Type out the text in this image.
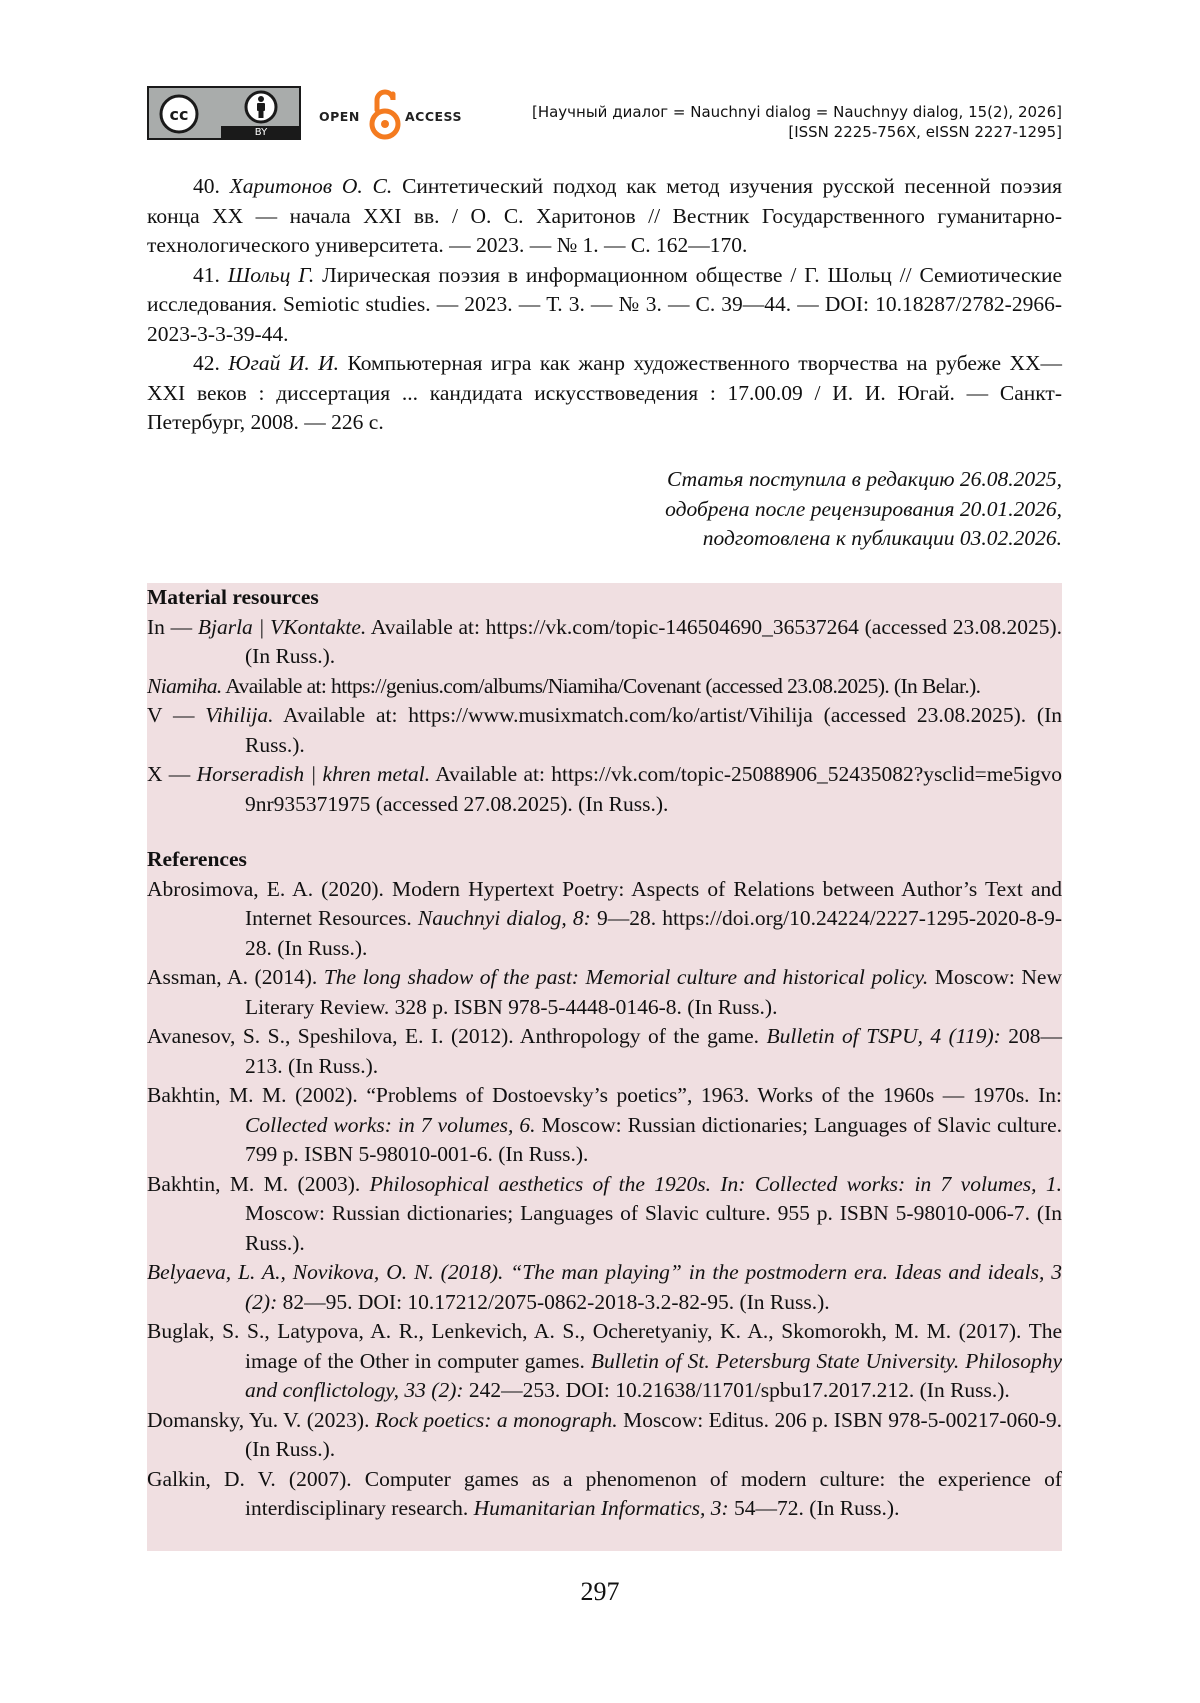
cc
BY
OPEN	ACCESS	[Научный диалог = Nauchnyi dialog = Nauchnyy dialog, 15(2), 2026]
[ISSN 2225-756X, eISSN 2227-1295]

40. Харитонов О. С. Синтетический подход как метод изучения русской песенной поэзия конца XX — начала XXI вв. / О. С. Харитонов // Вестник Государственного гуманитарно-технологического университета. — 2023. — № 1. — С. 162—170.

41. Шольц Г. Лирическая поэзия в информационном обществе / Г. Шольц // Семиотические исследования. Semiotic studies. — 2023. — Т. 3. — № 3. — С. 39—44. — DOI: 10.18287/2782-2966-2023-3-3-39-44.

42. Югай И. И. Компьютерная игра как жанр художественного творчества на рубеже XX—XXI веков : диссертация ... кандидата искусствоведения : 17.00.09 / И. И. Югай. — Санкт-Петербург, 2008. — 226 с.

Статья поступила в редакцию 26.08.2025,
одобрена после рецензирования 20.01.2026,
подготовлена к публикации 03.02.2026.

Material resources

In — Bjarla | VKontakte. Available at: https://vk.com/topic-146504690_36537264 (accessed 23.08.2025). (In Russ.).

Niamiha. Available at: https://genius.com/albums/Niamiha/Covenant (accessed 23.08.2025). (In Belar.).

V — Vihilija. Available at: https://www.musixmatch.com/ko/artist/Vihilija (accessed 23.08.2025). (In Russ.).

X — Horseradish | khren metal. Available at: https://vk.com/topic-25088906_52435082?ysclid=me5igvo9nr935371975 (accessed 27.08.2025). (In Russ.).

References

Abrosimova, E. A. (2020). Modern Hypertext Poetry: Aspects of Relations between Author’s Text and Internet Resources. Nauchnyi dialog, 8: 9—28. https://doi.org/10.24224/2227-1295-2020-8-9-28. (In Russ.).

Assman, A. (2014). The long shadow of the past: Memorial culture and historical policy. Moscow: New Literary Review. 328 p. ISBN 978-5-4448-0146-8. (In Russ.).

Avanesov, S. S., Speshilova, E. I. (2012). Anthropology of the game. Bulletin of TSPU, 4 (119): 208—213. (In Russ.).

Bakhtin, M. M. (2002). “Problems of Dostoevsky’s poetics”, 1963. Works of the 1960s — 1970s. In: Collected works: in 7 volumes, 6. Moscow: Russian dictionaries; Languages of Slavic culture. 799 p. ISBN 5-98010-001-6. (In Russ.).

Bakhtin, M. M. (2003). Philosophical aesthetics of the 1920s. In: Collected works: in 7 volumes, 1. Moscow: Russian dictionaries; Languages of Slavic culture. 955 p. ISBN 5-98010-006-7. (In Russ.).

Belyaeva, L. A., Novikova, O. N. (2018). “The man playing” in the postmodern era. Ideas and ideals, 3 (2): 82—95. DOI: 10.17212/2075-0862-2018-3.2-82-95. (In Russ.).

Buglak, S. S., Latypova, A. R., Lenkevich, A. S., Ocheretyaniy, K. A., Skomorokh, M. M. (2017). The image of the Other in computer games. Bulletin of St. Petersburg State University. Philosophy and conflictology, 33 (2): 242—253. DOI: 10.21638/11701/spbu17.2017.212. (In Russ.).

Domansky, Yu. V. (2023). Rock poetics: a monograph. Moscow: Editus. 206 p. ISBN 978-5-00217-060-9. (In Russ.).

Galkin, D. V. (2007). Computer games as a phenomenon of modern culture: the experience of interdisciplinary research. Humanitarian Informatics, 3: 54—72. (In Russ.).

297
